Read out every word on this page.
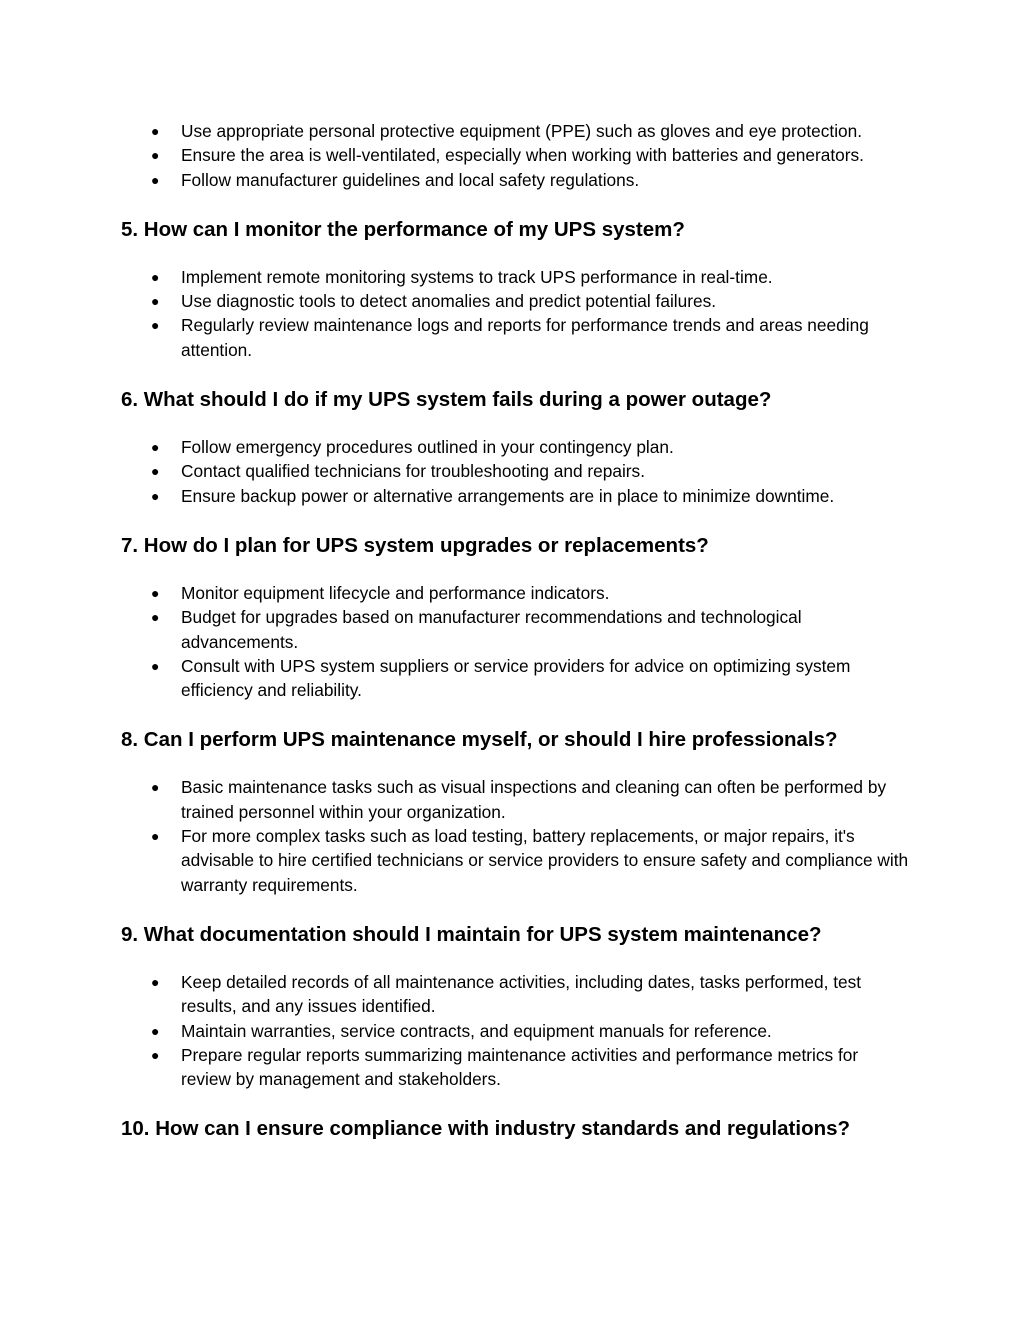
● Use appropriate personal protective equipment (PPE) such as gloves and eye protection.
● Ensure the area is well-ventilated, especially when working with batteries and generators.
● Follow manufacturer guidelines and local safety regulations.
5. How can I monitor the performance of my UPS system?
● Implement remote monitoring systems to track UPS performance in real-time.
● Use diagnostic tools to detect anomalies and predict potential failures.
● Regularly review maintenance logs and reports for performance trends and areas needing attention.
6. What should I do if my UPS system fails during a power outage?
● Follow emergency procedures outlined in your contingency plan.
● Contact qualified technicians for troubleshooting and repairs.
● Ensure backup power or alternative arrangements are in place to minimize downtime.
7. How do I plan for UPS system upgrades or replacements?
● Monitor equipment lifecycle and performance indicators.
● Budget for upgrades based on manufacturer recommendations and technological advancements.
● Consult with UPS system suppliers or service providers for advice on optimizing system efficiency and reliability.
8. Can I perform UPS maintenance myself, or should I hire professionals?
● Basic maintenance tasks such as visual inspections and cleaning can often be performed by trained personnel within your organization.
● For more complex tasks such as load testing, battery replacements, or major repairs, it's advisable to hire certified technicians or service providers to ensure safety and compliance with warranty requirements.
9. What documentation should I maintain for UPS system maintenance?
● Keep detailed records of all maintenance activities, including dates, tasks performed, test results, and any issues identified.
● Maintain warranties, service contracts, and equipment manuals for reference.
● Prepare regular reports summarizing maintenance activities and performance metrics for review by management and stakeholders.
10. How can I ensure compliance with industry standards and regulations?
